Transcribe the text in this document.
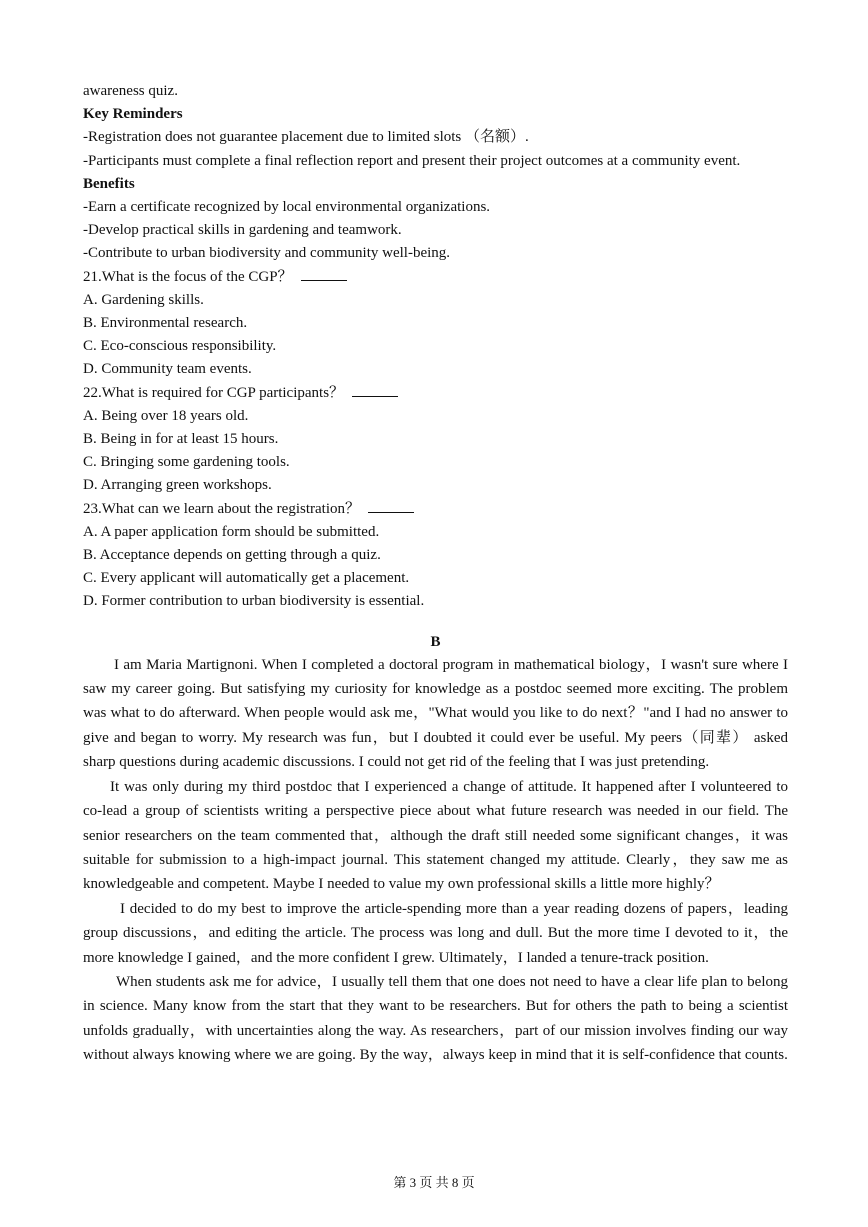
awareness quiz.
Key Reminders
-Registration does not guarantee placement due to limited slots （名额）.
-Participants must complete a final reflection report and present their project outcomes at a community event.
Benefits
-Earn a certificate recognized by local environmental organizations.
-Develop practical skills in gardening and teamwork.
-Contribute to urban biodiversity and community well-being.
21.What is the focus of the CGP？
A. Gardening skills.
B. Environmental research.
C. Eco-conscious responsibility.
D. Community team events.
22.What is required for CGP participants？
A. Being over 18 years old.
B. Being in for at least 15 hours.
C. Bringing some gardening tools.
D. Arranging green workshops.
23.What can we learn about the registration？
A. A paper application form should be submitted.
B. Acceptance depends on getting through a quiz.
C. Every applicant will automatically get a placement.
D. Former contribution to urban biodiversity is essential.
B
I am Maria Martignoni. When I completed a doctoral program in mathematical biology，I wasn't sure where I saw my career going. But satisfying my curiosity for knowledge as a postdoc seemed more exciting. The problem was what to do afterward. When people would ask me，"What would you like to do next？"and I had no answer to give and began to worry. My research was fun，but I doubted it could ever be useful. My peers（同辈） asked sharp questions during academic discussions. I could not get rid of the feeling that I was just pretending.
It was only during my third postdoc that I experienced a change of attitude. It happened after I volunteered to co-lead a group of scientists writing a perspective piece about what future research was needed in our field. The senior researchers on the team commented that，although the draft still needed some significant changes，it was suitable for submission to a high-impact journal. This statement changed my attitude. Clearly，they saw me as knowledgeable and competent. Maybe I needed to value my own professional skills a little more highly？
I decided to do my best to improve the article-spending more than a year reading dozens of papers，leading group discussions，and editing the article. The process was long and dull. But the more time I devoted to it，the more knowledge I gained，and the more confident I grew. Ultimately，I landed a tenure-track position.
When students ask me for advice，I usually tell them that one does not need to have a clear life plan to belong in science. Many know from the start that they want to be researchers. But for others the path to being a scientist unfolds gradually，with uncertainties along the way. As researchers，part of our mission involves finding our way without always knowing where we are going. By the way，always keep in mind that it is self-confidence that counts.
第 3 页 共 8 页
